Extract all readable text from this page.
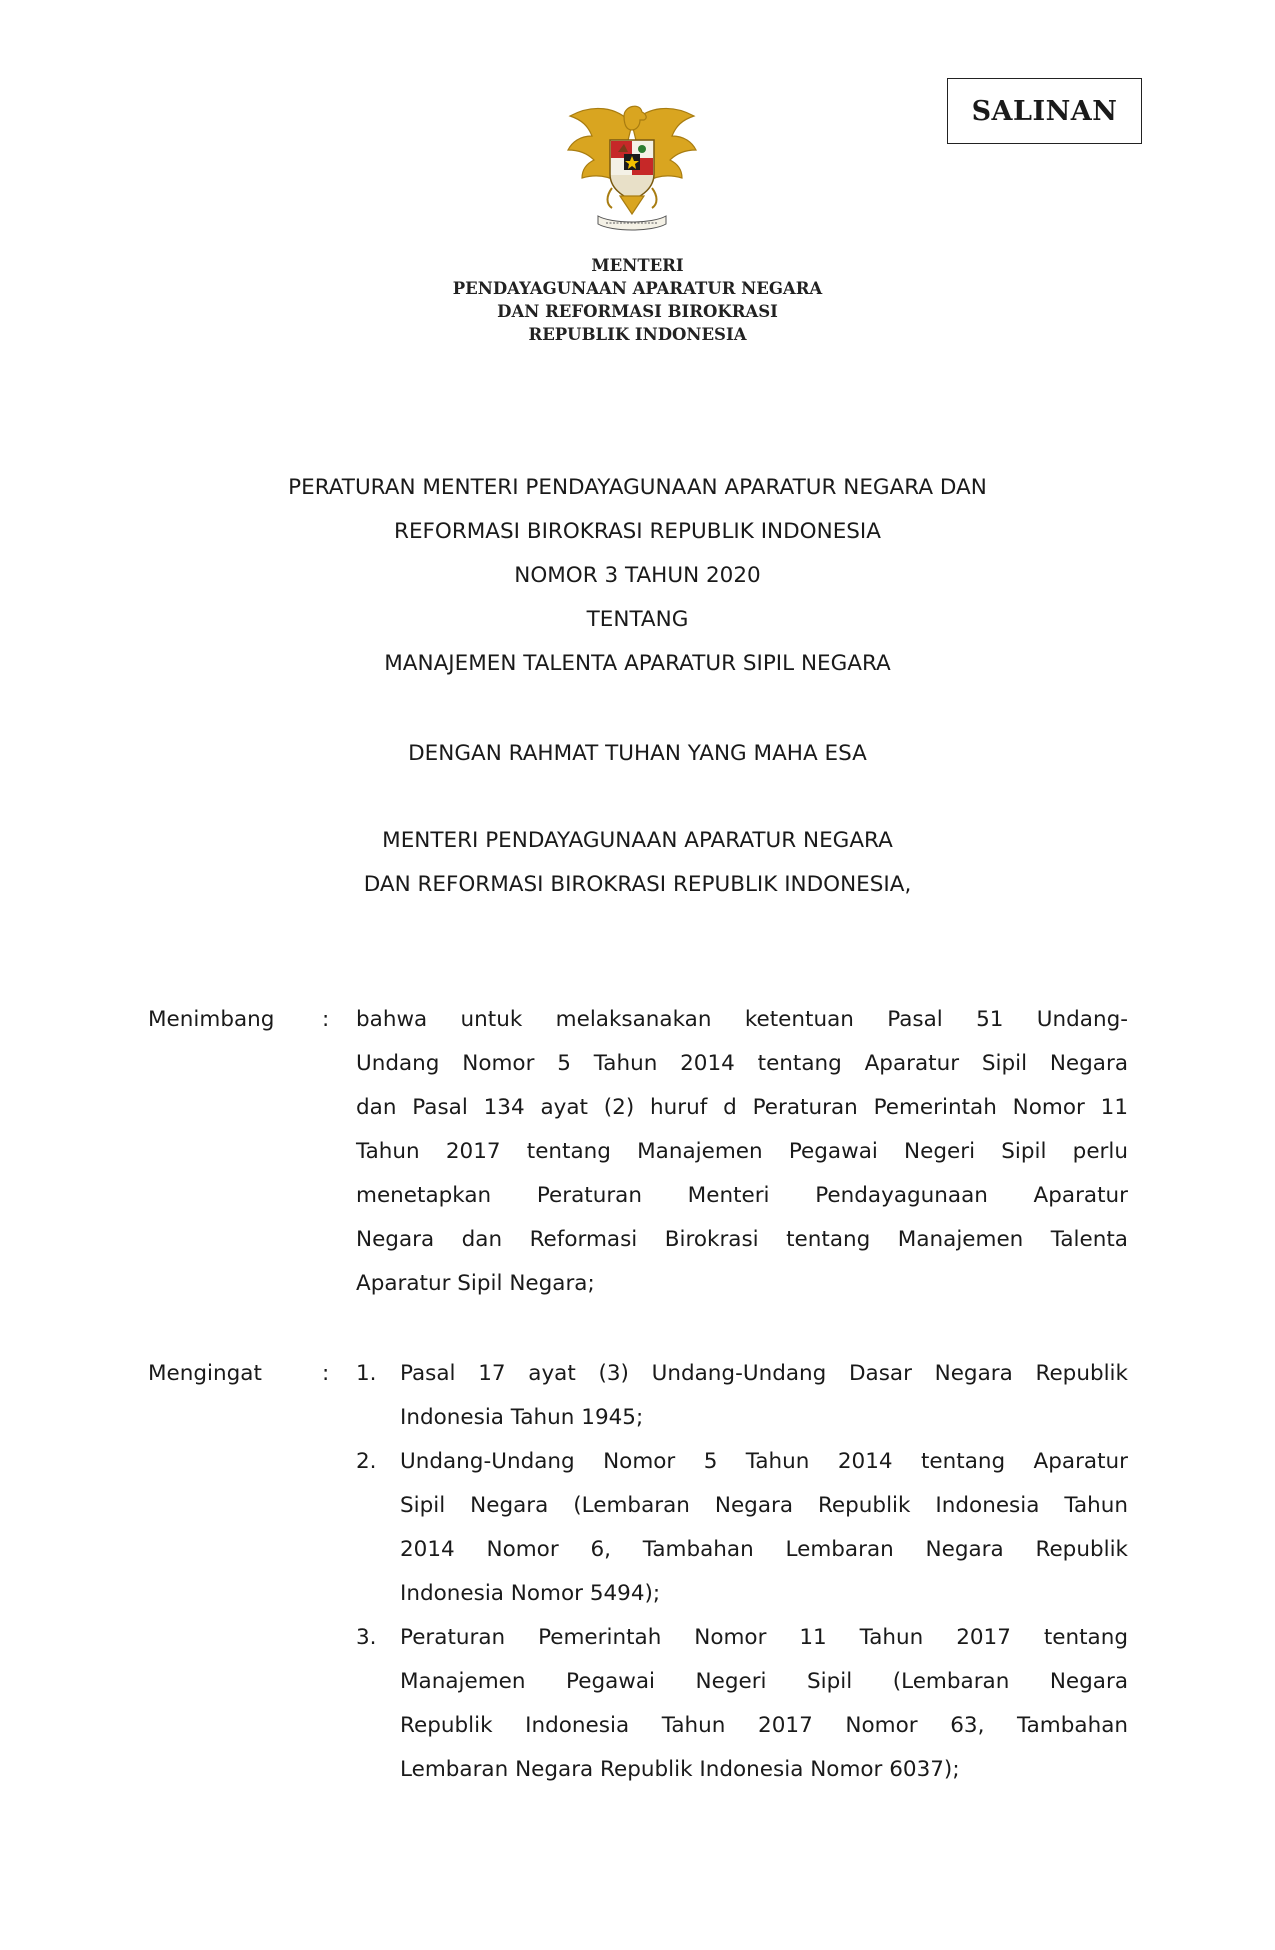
SALINAN
MENTERI
PENDAYAGUNAAN APARATUR NEGARA
DAN REFORMASI BIROKRASI
REPUBLIK INDONESIA
PERATURAN MENTERI PENDAYAGUNAAN APARATUR NEGARA DAN
REFORMASI BIROKRASI REPUBLIK INDONESIA
NOMOR 3 TAHUN 2020
TENTANG
MANAJEMEN TALENTA APARATUR SIPIL NEGARA
DENGAN RAHMAT TUHAN YANG MAHA ESA
MENTERI PENDAYAGUNAAN APARATUR NEGARA
DAN REFORMASI BIROKRASI REPUBLIK INDONESIA,
Menimbang : bahwa untuk melaksanakan ketentuan Pasal 51 Undang-
Undang Nomor 5 Tahun 2014 tentang Aparatur Sipil Negara
dan Pasal 134 ayat (2) huruf d Peraturan Pemerintah Nomor 11
Tahun 2017 tentang Manajemen Pegawai Negeri Sipil perlu
menetapkan Peraturan Menteri Pendayagunaan Aparatur
Negara dan Reformasi Birokrasi tentang Manajemen Talenta
Aparatur Sipil Negara;
Mengingat	: 1. Pasal 17 ayat (3) Undang-Undang Dasar Negara Republik
Indonesia Tahun 1945;
2. Undang-Undang Nomor 5 Tahun 2014 tentang Aparatur
Sipil Negara (Lembaran Negara Republik Indonesia Tahun
2014 Nomor 6, Tambahan Lembaran Negara Republik
Indonesia Nomor 5494);
3. Peraturan Pemerintah Nomor 11 Tahun 2017 tentang
Manajemen Pegawai Negeri Sipil (Lembaran Negara
Republik Indonesia Tahun 2017 Nomor 63, Tambahan
Lembaran Negara Republik Indonesia Nomor 6037);
